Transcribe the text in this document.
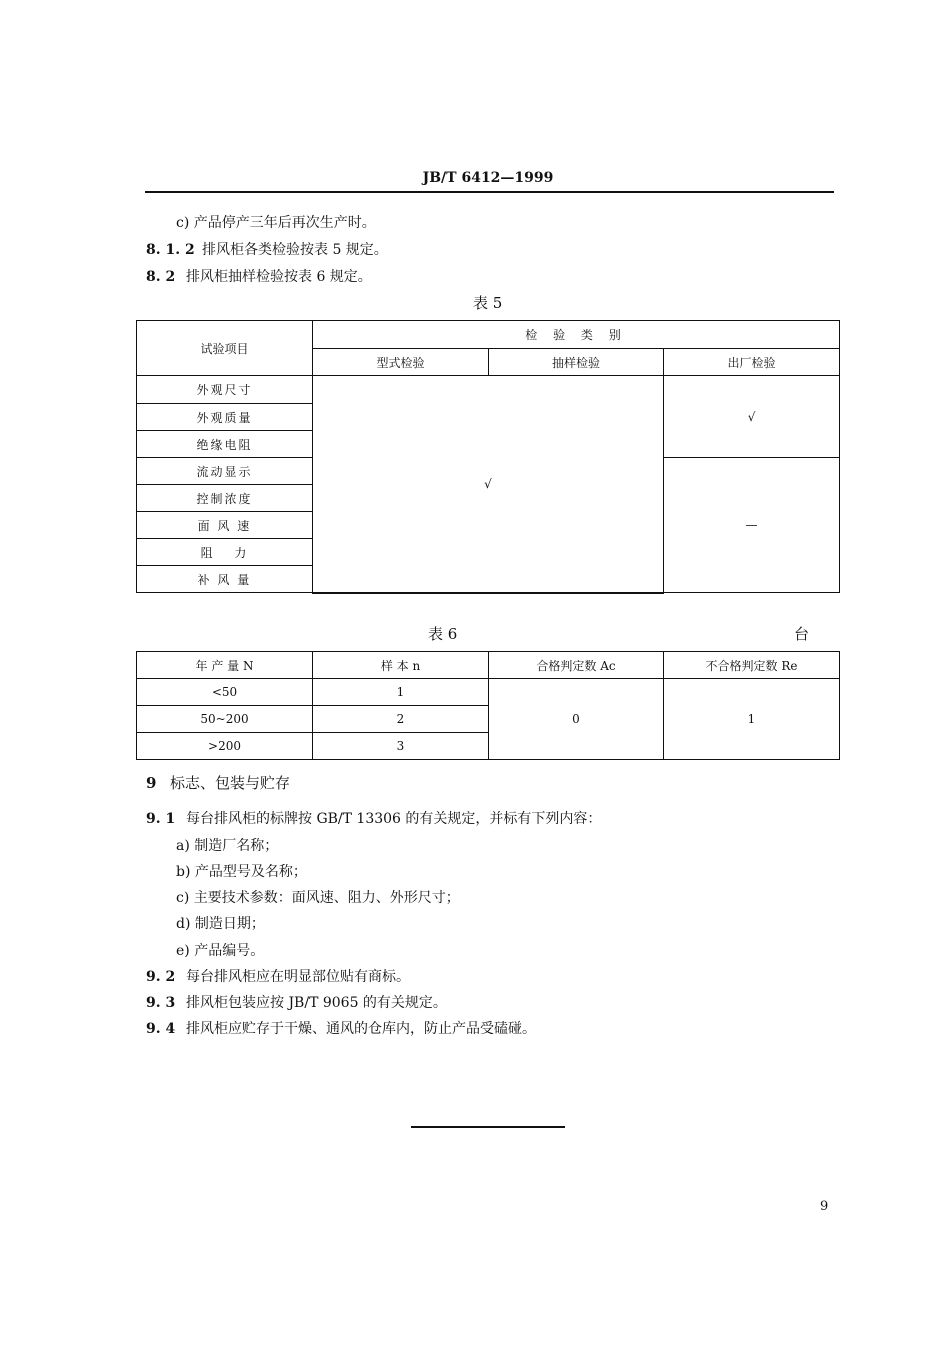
JB/T 6412—1999
c) 产品停产三年后再次生产时。
8. 1. 2 排风柜各类检验按表 5 规定。
8. 2 排风柜抽样检验按表 6 规定。
表 5
试验项目	检 验 类 别		
	型式检验	抽样检验	出厂检验
外观尺寸	√		√
外观质量			
绝缘电阻			
流动显示			—
控制浓度			
面 风 速			
阻　 力			
补 风 量			
表 6	台
年 产 量 N	样 本 n	合格判定数 Ac	不合格判定数 Re
<50	1	0	1
50~200	2		
>200	3		
9 标志、包装与贮存
9. 1 每台排风柜的标牌按 GB/T 13306 的有关规定，并标有下列内容：
a) 制造厂名称；
b) 产品型号及名称；
c) 主要技术参数：面风速、阻力、外形尺寸；
d) 制造日期；
e) 产品编号。
9. 2 每台排风柜应在明显部位贴有商标。
9. 3 排风柜包装应按 JB/T 9065 的有关规定。
9. 4 排风柜应贮存于干燥、通风的仓库内，防止产品受磕碰。
9
